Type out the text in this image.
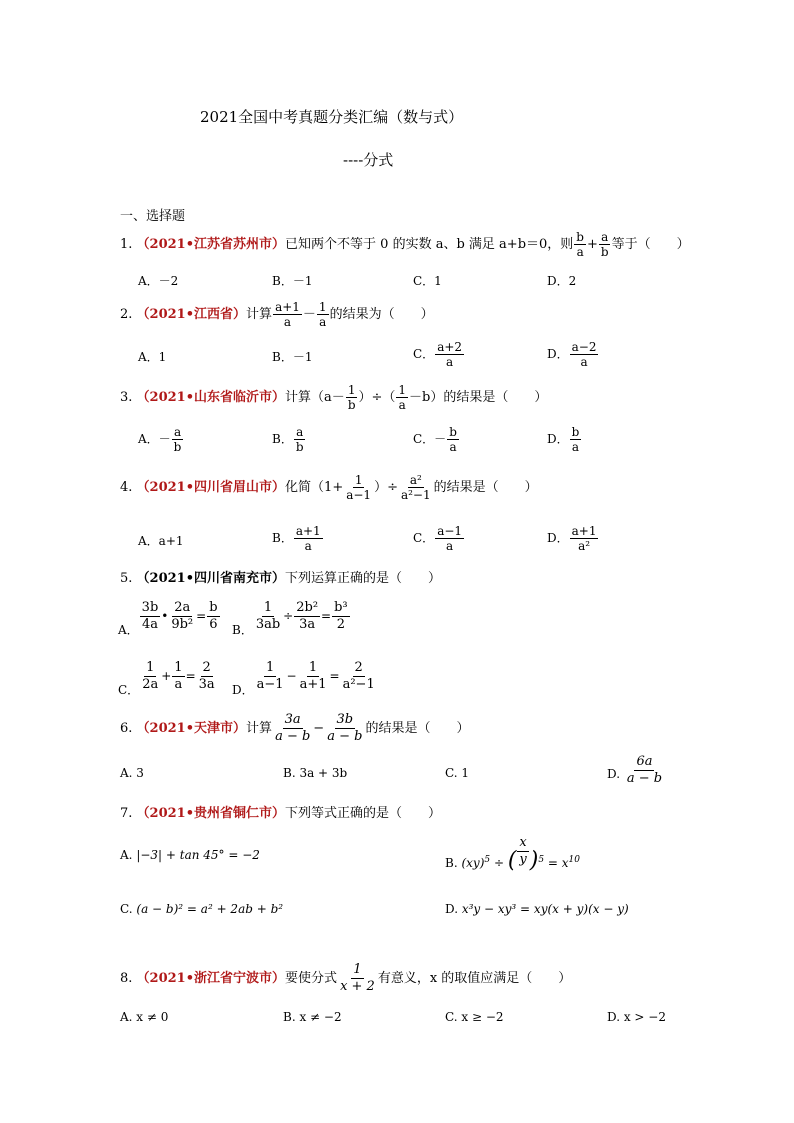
2021全国中考真题分类汇编（数与式）
----分式
一、选择题
1. （2021•江苏省苏州市）已知两个不等于 0 的实数 a、b 满足 a+b＝0，则 $\frac{b}{a} + \frac{a}{b}$ 等于（　　）
A．－2	B．－1	C．1	D．2
2. （2021•江西省）计算 $\frac{a+1}{a} - \frac{1}{a}$ 的结果为（　　）
A．1	B．－1	C． $\frac{a+2}{a}$	D． $\frac{a-2}{a}$
3. （2021•山东省临沂市）计算（$a- \frac{1}{b}$ ）÷（ $\frac{1}{a} -b$）的结果是（　　）
A．－ $\frac{a}{b}$	B． $\frac{a}{b}$	C．－ $\frac{b}{a}$	D． $\frac{b}{a}$
4. （2021•四川省眉山市）化简（$1+ \frac{1}{a-1}$ ）÷ $\frac{\text{a²}}{\text{a²−1}}$ 的结果是（　　）
A．a+1	B． $\frac{a+1}{a}$	C． $\frac{a-1}{a}$	D． $\frac{a+1}{\text{a²}}$
5. （2021•四川省南充市）下列运算正确的是（　　）
A． $\frac{3b}{4a}$ • $\frac{2a}{\text{9b²}} = \frac{b}{6}$ B． $\frac{1}{3ab} \div \frac{\text{2b²}}{3a} = \frac{\text{b³}}{2}$
C． $\frac{1}{2a} + \frac{1}{a} = \frac{2}{3a}$ D． $\frac{1}{a-1} - \frac{1}{a+1} = \frac{2}{\text{a²−1}}$
6. （2021•天津市）计算 $\frac{3a}{a - b} - \frac{3b}{a - b}$ 的结果是（　　）
A. 3	B. 3a + 3b	C. 1	D. $\frac{6a}{a - b}$
7. （2021•贵州省铜仁市）下列等式正确的是（　　）
A. |−3| + tan 45° = −2
B. (xy)$^5$ ÷ ( $\frac{x}{y} )^5 = x^{10}$
C. (a − b)² = a² + 2ab + b²	D. x³y − xy³ = xy(x + y)(x − y)
8. （2021•浙江省宁波市）要使分式 $\frac{1}{x + 2}$ 有意义，x 的取值应满足（　　）
A. x ≠ 0	B. x ≠ −2	C. x ≥ −2	D. x > −2
